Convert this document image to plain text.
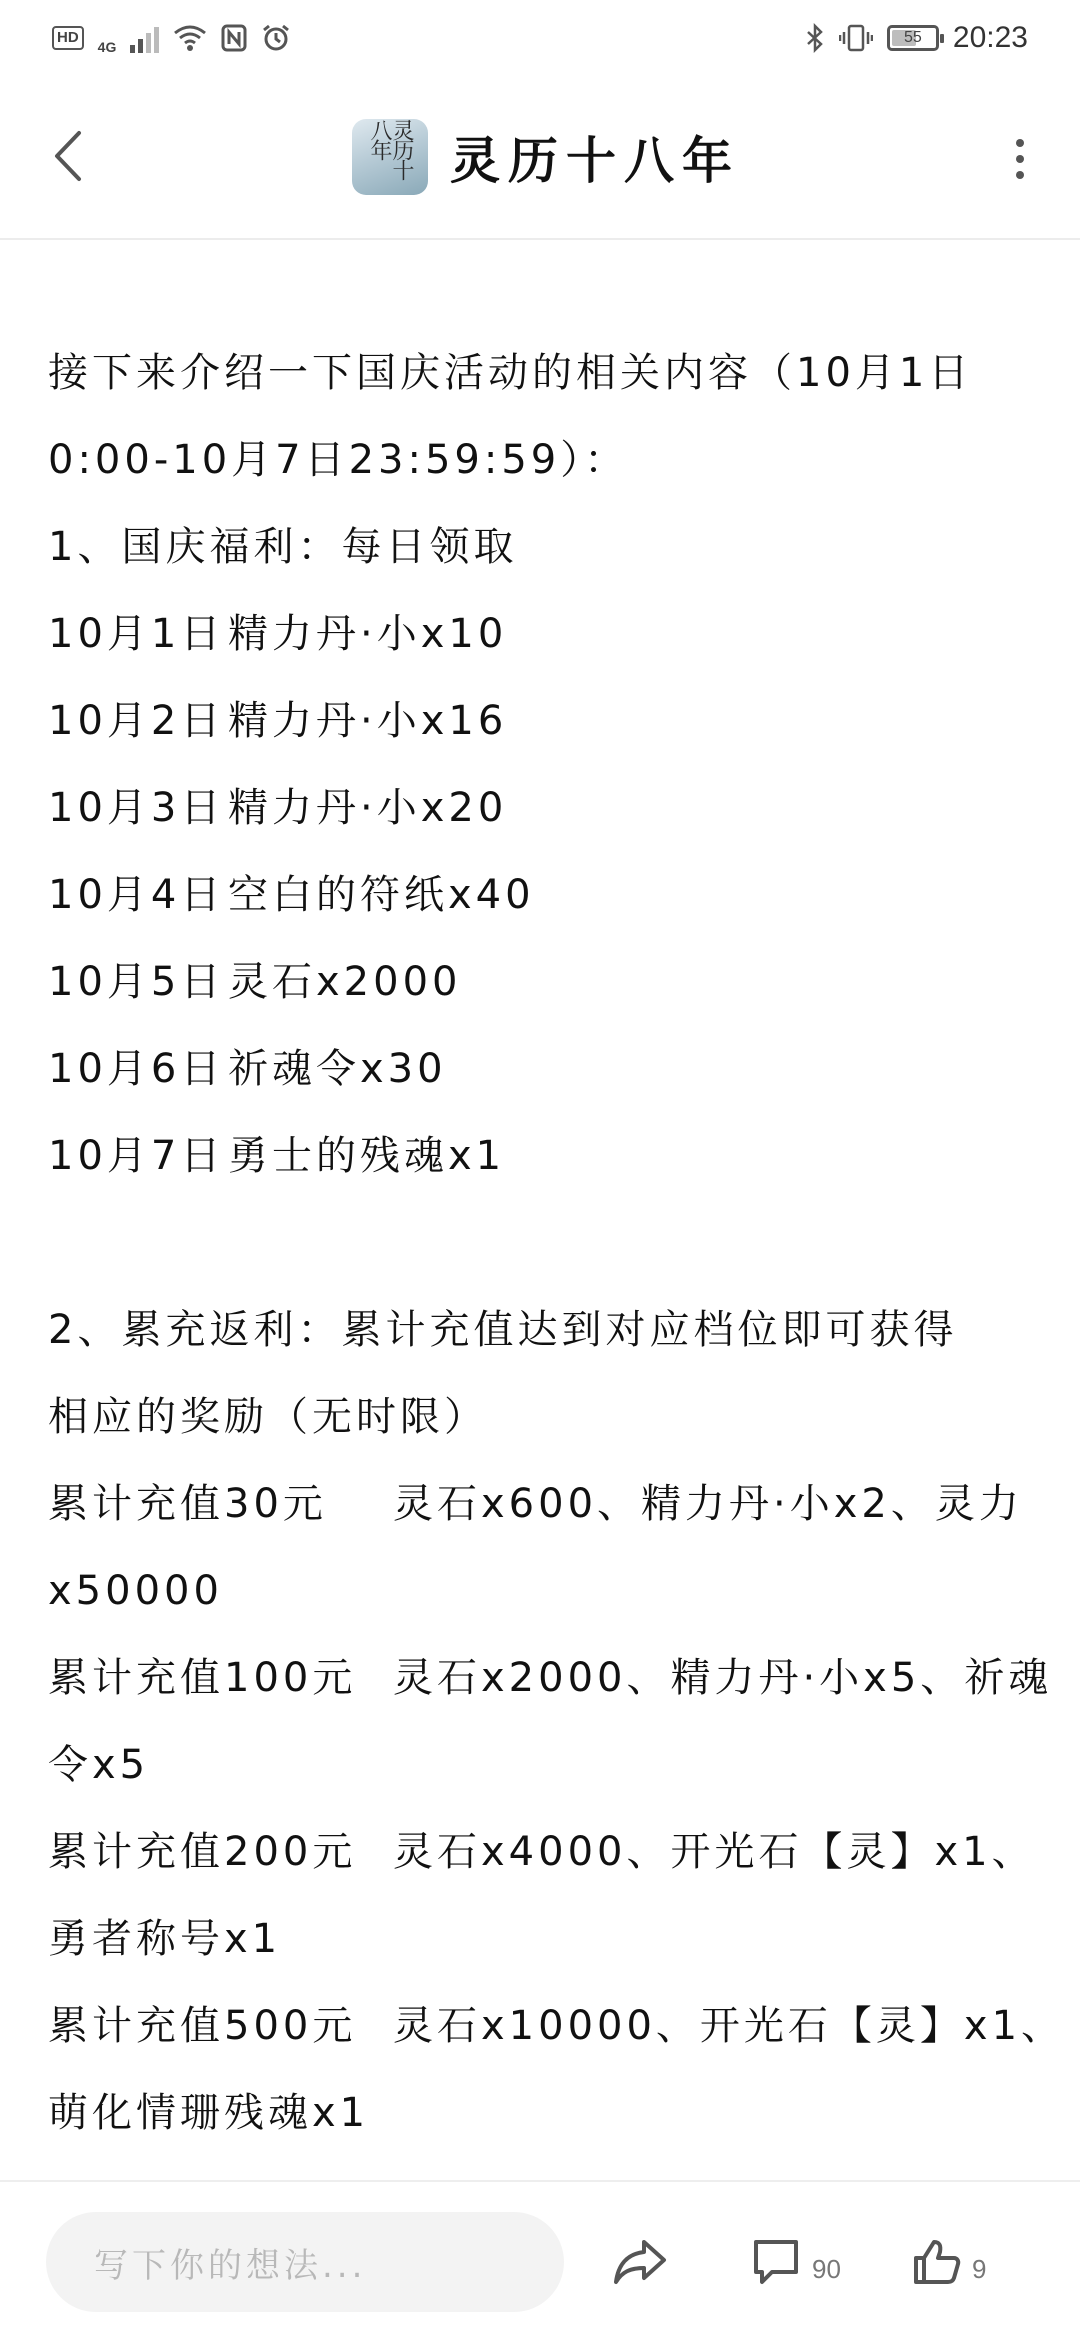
HD
4G
55 20:23
灵历十八年	灵历十八年
接下来介绍一下国庆活动的相关内容（10月1日
0:00-10月7日23:59:59）：
1、国庆福利：每日领取
10月1日精力丹·小x10
10月2日精力丹·小x16
10月3日精力丹·小x20
10月4日空白的符纸x40
10月5日灵石x2000
10月6日祈魂令x30
10月7日勇士的残魂x1
2、累充返利：累计充值达到对应档位即可获得
相应的奖励（无时限）
累计充值30元 灵石x600、精力丹·小x2、灵力
x50000
累计充值100元 灵石x2000、精力丹·小x5、祈魂
令x5
累计充值200元 灵石x4000、开光石【灵】x1、
勇者称号x1
累计充值500元 灵石x10000、开光石【灵】x1、
萌化情珊残魂x1
写下你的想法...	90	9
